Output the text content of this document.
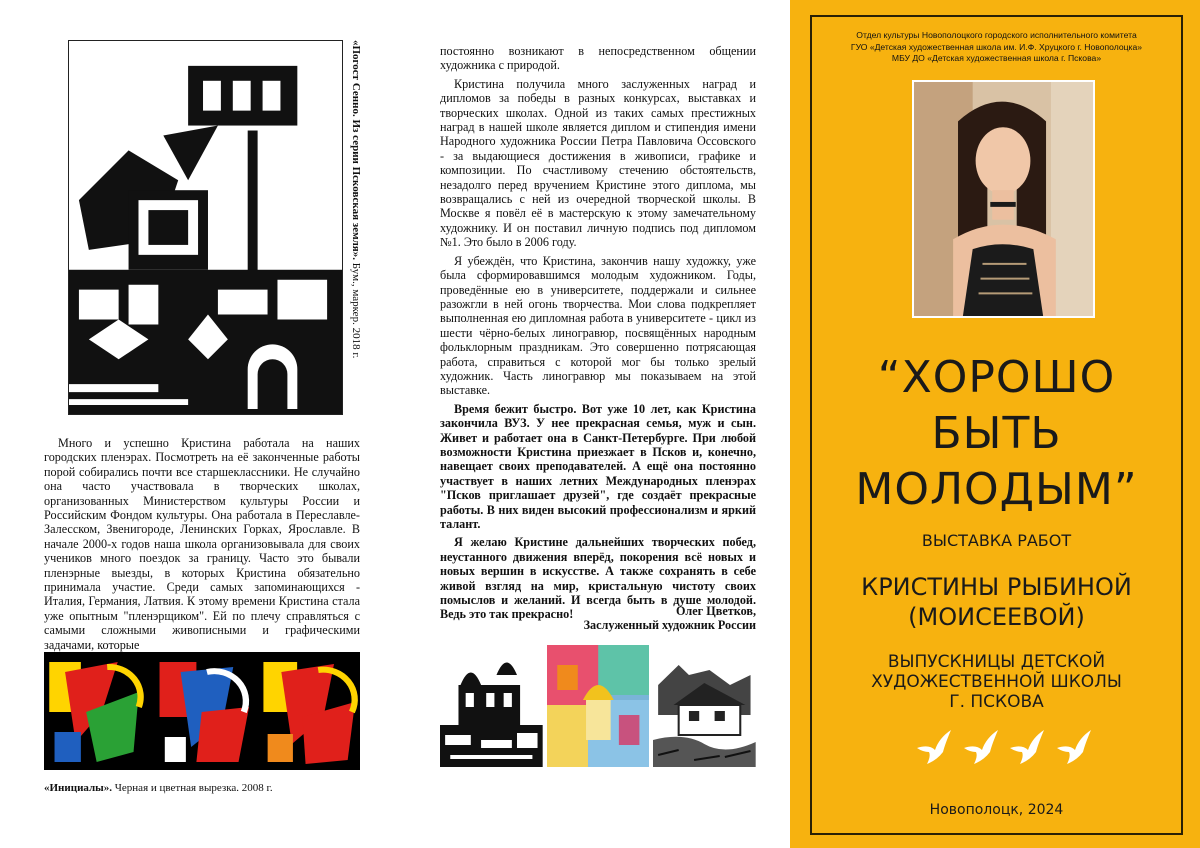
«Погост Сенно. Из серии Псковская земля». Бум., маркер. 2018 г.

Много и успешно Кристина работала на наших городских пленэрах. Посмотреть на её законченные работы порой собирались почти все старшеклассники. Не случайно она часто участвовала в творческих школах, организованных Министерством культуры России и Российским Фондом культуры. Она работала в Переславле-Залесском, Звенигороде, Ленинских Горках, Ярославле. В начале 2000-х годов наша школа организовывала для своих учеников много поездок за границу. Часто это бывали пленэрные выезды, в которых Кристина обязательно принимала участие. Среди самых запоминающихся - Италия, Германия, Латвия. К этому времени Кристина стала уже опытным "пленэрщиком". Ей по плечу справляться с самыми сложными живописными и графическими задачами, которые

«Инициалы». Черная и цветная вырезка. 2008 г.

постоянно возникают в непосредственном общении художника с природой.

Кристина получила много заслуженных наград и дипломов за победы в разных конкурсах, выставках и творческих школах. Одной из таких самых престижных наград в нашей школе является диплом и стипендия имени Народного художника России Петра Павловича Оссовского - за выдающиеся достижения в живописи, графике и композиции. По счастливому стечению обстоятельств, незадолго перед вручением Кристине этого диплома, мы возвращались с ней из очередной творческой школы. В Москве я повёл её в мастерскую к этому замечательному художнику. И он поставил личную подпись под дипломом №1. Это было в 2006 году.

Я убеждён, что Кристина, закончив нашу художку, уже была сформировавшимся молодым художником. Годы, проведённые ею в университете, поддержали и сильнее разожгли в ней огонь творчества. Мои слова подкрепляет выполненная ею дипломная работа в университете - цикл из шести чёрно-белых линогравюр, посвящённых народным фольклорным праздникам. Это совершенно потрясающая работа, справиться с которой мог бы только зрелый художник. Часть линогравюр мы показываем на этой выставке.

Время бежит быстро. Вот уже 10 лет, как Кристина закончила ВУЗ. У нее прекрасная семья, муж и сын. Живет и работает она в Санкт-Петербурге. При любой возможности Кристина приезжает в Псков и, конечно, навещает своих преподавателей. А ещё она постоянно участвует в наших летних Международных пленэрах "Псков приглашает друзей", где создаёт прекрасные работы. В них виден высокий профессионализм и яркий талант.

Я желаю Кристине дальнейших творческих побед, неустанного движения вперёд, покорения всё новых и новых вершин в искусстве. А также сохранять в себе живой взгляд на мир, кристальную чистоту своих помыслов и желаний. И всегда быть в душе молодой. Ведь это так прекрасно!	Олег Цветков,
Заслуженный художник России
Отдел культуры Новополоцкого городского исполнительного комитета
ГУО «Детская художественная школа им. И.Ф. Хруцкого г. Новополоцка»
МБУ ДО «Детская художественная школа г. Пскова»
“ХОРОШО
БЫТЬ
МОЛОДЫМ”
ВЫСТАВКА РАБОТ
КРИСТИНЫ РЫБИНОЙ
(МОИСЕЕВОЙ)
ВЫПУСКНИЦЫ ДЕТСКОЙ
ХУДОЖЕСТВЕННОЙ ШКОЛЫ
Г. ПСКОВА
Новополоцк, 2024
